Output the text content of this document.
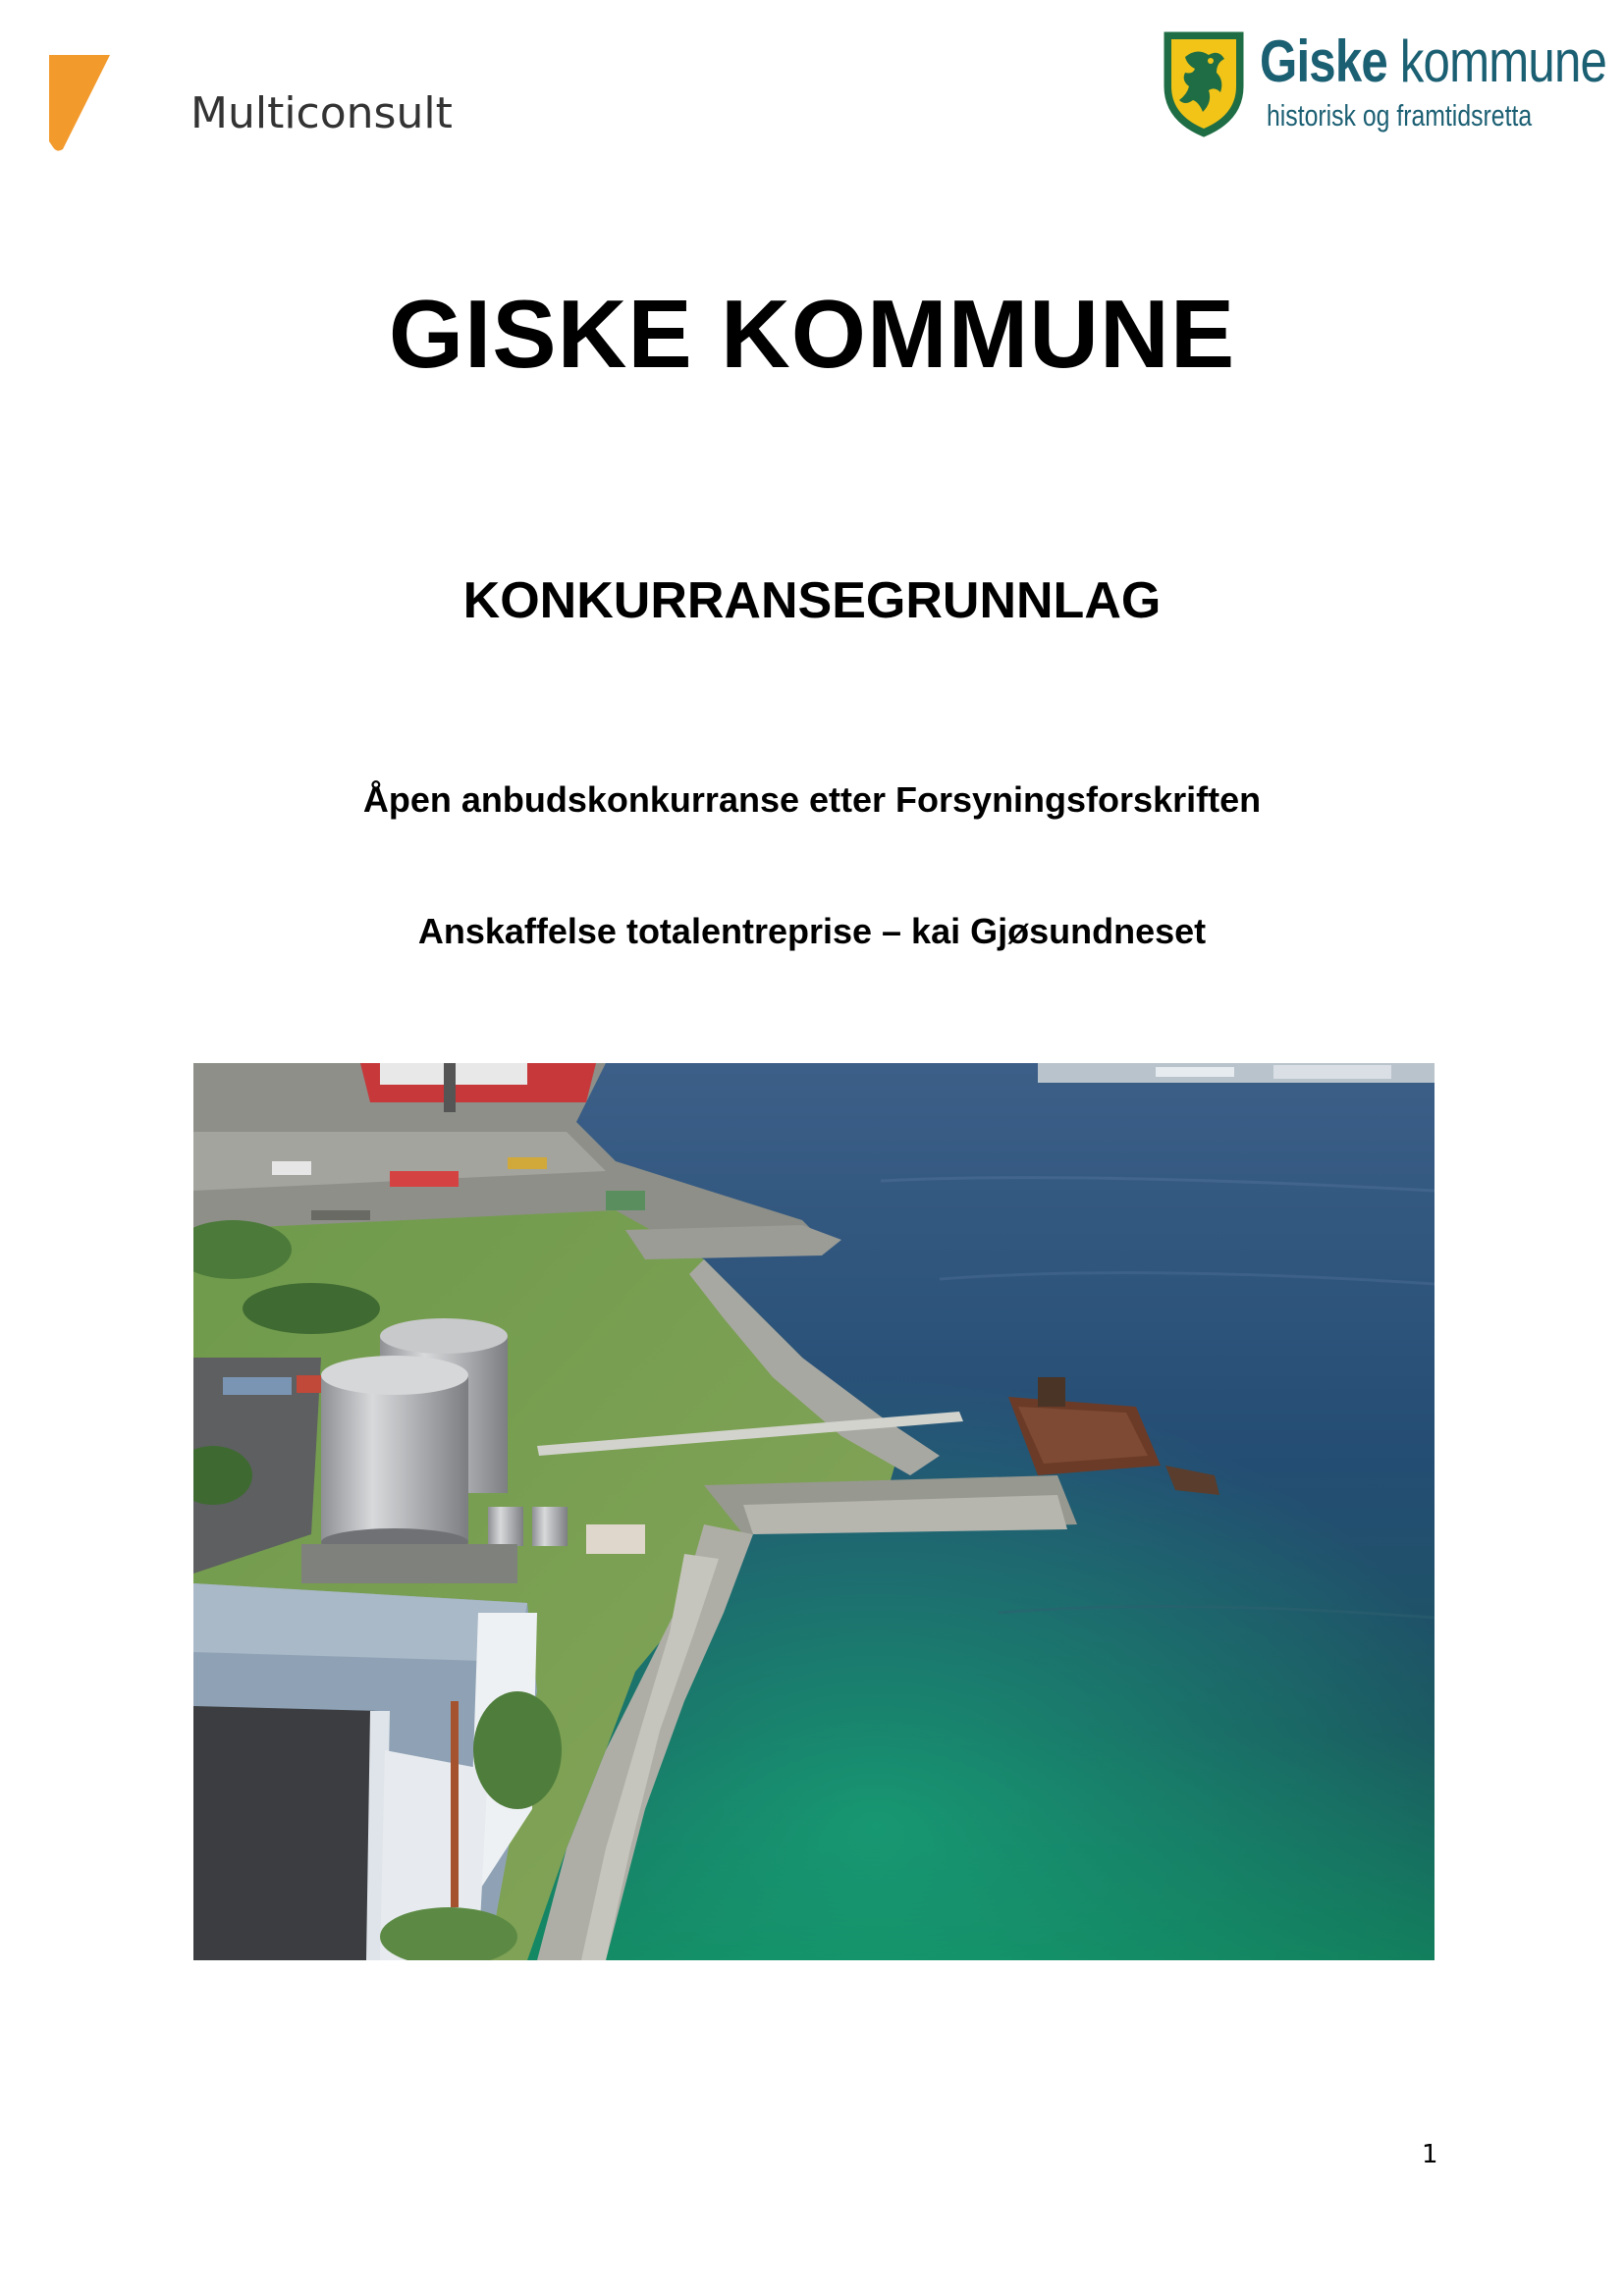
Multiconsult
Giske kommune
historisk og framtidsretta
GISKE KOMMUNE
KONKURRANSEGRUNNLAG
Åpen anbudskonkurranse etter Forsyningsforskriften
Anskaffelse totalentreprise – kai Gjøsundneset
1
